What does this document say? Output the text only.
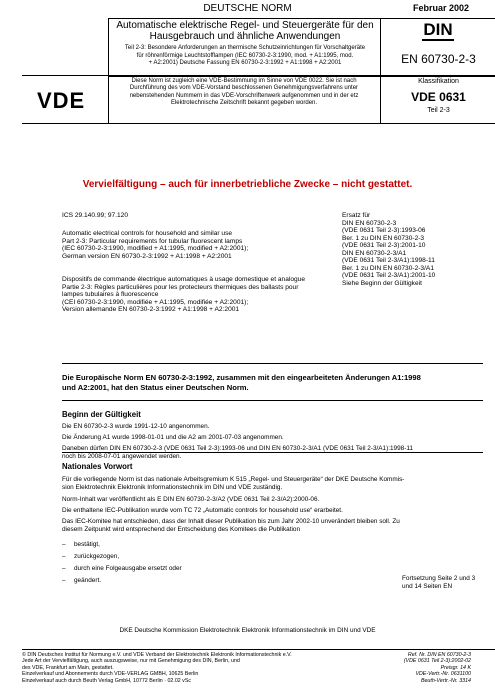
DEUTSCHE NORM	Februar 2002
Automatische elektrische Regel- und Steuergeräte für den
Hausgebrauch und ähnliche Anwendungen
Teil 2-3: Besondere Anforderungen an thermische Schutzeinrichtungen für Vorschaltgeräte
für röhrenförmige Leuchtstofflampen (IEC 60730-2-3:1990, mod. + A1:1995, mod.
+ A2:2001) Deutsche Fassung EN 60730-2-3:1992 + A1:1998 + A2:2001
DIN
EN 60730-2-3
VDE
Diese Norm ist zugleich eine VDE-Bestimmung im Sinne von VDE 0022. Sie ist nach
Durchführung des vom VDE-Vorstand beschlossenen Genehmigungsverfahrens unter
nebenstehenden Nummern in das VDE-Vorschriftenwerk aufgenommen und in der etz
Elektrotechnische Zeitschrift bekannt gegeben worden.
Klassifikation
VDE 0631
Teil 2-3
Vervielfältigung – auch für innerbetriebliche Zwecke – nicht gestattet.
ICS 29.140.99; 97.120
Automatic electrical controls for household and similar use
Part 2-3: Particular requirements for tubular fluorescent lamps
(IEC 60730-2-3:1990, modified + A1:1995, modified + A2:2001);
German version EN 60730-2-3:1992 + A1:1998 + A2:2001
Dispositifs de commande électrique automatiques à usage domestique et analogue
Partie 2-3: Règles particulières pour les protecteurs thermiques des ballasts pour
lampes tubulaires à fluorescence
(CEI 60730-2-3:1990, modifiée + A1:1995, modifiée + A2:2001);
Version allemande EN 60730-2-3:1992 + A1:1998 + A2:2001
Ersatz für
DIN EN 60730-2-3
(VDE 0631 Teil 2-3):1993-06
Ber. 1 zu DIN EN 60730-2-3
(VDE 0631 Teil 2-3):2001-10
DIN EN 60730-2-3/A1
(VDE 0631 Teil 2-3/A1):1998-11
Ber. 1 zu DIN EN 60730-2-3/A1
(VDE 0631 Teil 2-3/A1):2001-10
Siehe Beginn der Gültigkeit
Die Europäische Norm EN 60730-2-3:1992, zusammen mit den eingearbeiteten Änderungen A1:1998
und A2:2001, hat den Status einer Deutschen Norm.
Beginn der Gültigkeit
Die EN 60730-2-3 wurde 1991-12-10 angenommen.
Die Änderung A1 wurde 1998-01-01 und die A2 am 2001-07-03 angenommen.
Daneben dürfen DIN EN 60730-2-3 (VDE 0631 Teil 2-3):1993-06 und DIN EN 60730-2-3/A1 (VDE 0631 Teil 2-3/A1):1998-11
noch bis 2008-07-01 angewendet werden.
Nationales Vorwort
Für die vorliegende Norm ist das nationale Arbeitsgremium K 515 „Regel- und Steuergeräte“ der DKE Deutsche Kommis-
sion Elektrotechnik Elektronik Informationstechnik im DIN und VDE zuständig.
Norm-Inhalt war veröffentlicht als E DIN EN 60730-2-3/A2 (VDE 0631 Teil 2-3/A2):2000-06.
Die enthaltene IEC-Publikation wurde vom TC 72 „Automatic controls for household use“ erarbeitet.
Das IEC-Komitee hat entschieden, dass der Inhalt dieser Publikation bis zum Jahr 2002-10 unverändert bleiben soll. Zu
diesem Zeitpunkt wird entsprechend der Entscheidung des Komitees die Publikation
– bestätigt,
– zurückgezogen,
– durch eine Folgeausgabe ersetzt oder
– geändert.	Fortsetzung Seite 2 und 3
und 14 Seiten EN
DKE Deutsche Kommission Elektrotechnik Elektronik Informationstechnik im DIN und VDE
© DIN Deutsches Institut für Normung e.V. und VDE Verband der Elektrotechnik Elektronik Informationstechnik e.V.
Jede Art der Vervielfältigung, auch auszugsweise, nur mit Genehmigung des DIN, Berlin, und
des VDE, Frankfurt am Main, gestattet.
Einzelverkauf und Abonnements durch VDE-VERLAG GMBH, 10625 Berlin
Einzelverkauf auch durch Beuth Verlag GmbH, 10772 Berlin · 02.02 vSc
Ref. Nr. DIN EN 60730-2-3
(VDE 0631 Teil 2-3):2002-02
Preisgr. 14 K
VDE-Vertr.-Nr. 0631100
Beuth-Vertr.-Nr. 3314
